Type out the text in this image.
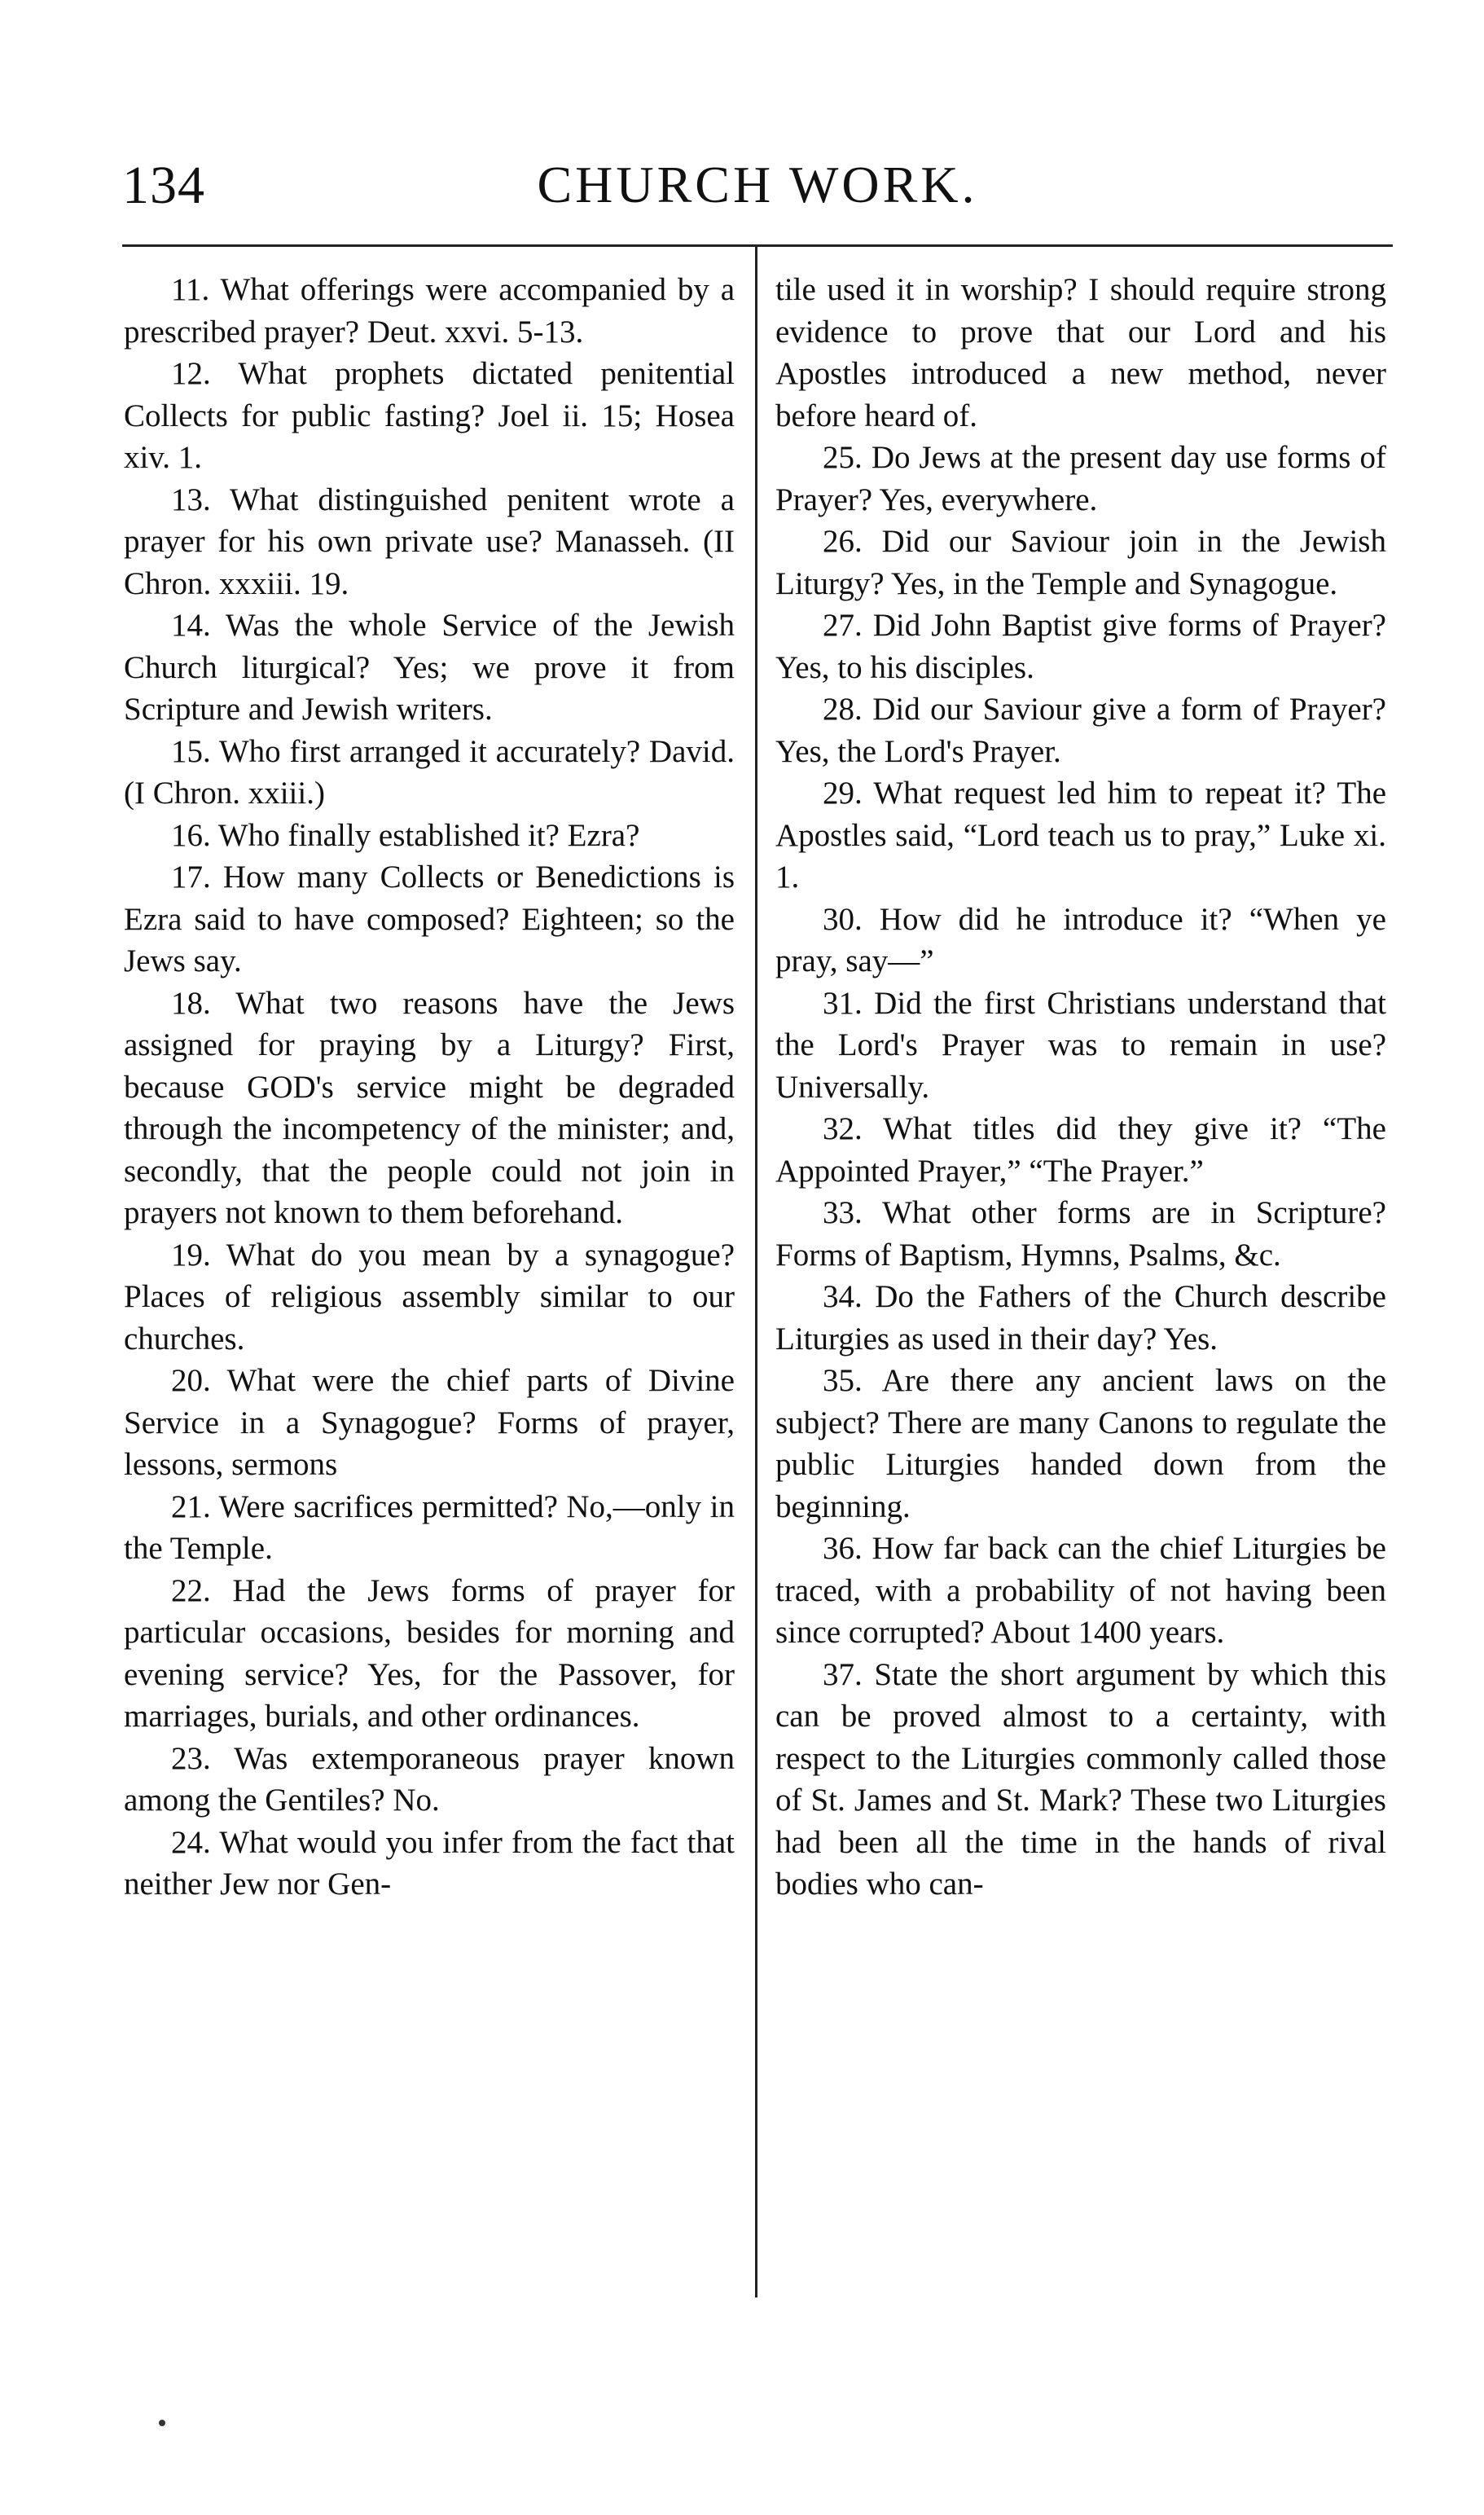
134	CHURCH WORK.

11. What offerings were accompanied by a prescribed prayer? Deut. xxvi. 5-13.

12. What prophets dictated penitential Collects for public fasting? Joel ii. 15; Hosea xiv. 1.

13. What distinguished penitent wrote a prayer for his own private use? Manasseh. (II Chron. xxxiii. 19.

14. Was the whole Service of the Jewish Church liturgical? Yes; we prove it from Scripture and Jewish writers.

15. Who first arranged it accurately? David. (I Chron. xxiii.)

16. Who finally established it? Ezra?

17. How many Collects or Benedictions is Ezra said to have composed? Eighteen; so the Jews say.

18. What two reasons have the Jews assigned for praying by a Liturgy? First, because GOD's service might be degraded through the incompetency of the minister; and, secondly, that the people could not join in prayers not known to them beforehand.

19. What do you mean by a synagogue? Places of religious assembly similar to our churches.

20. What were the chief parts of Divine Service in a Synagogue? Forms of prayer, lessons, sermons

21. Were sacrifices permitted? No,—only in the Temple.

22. Had the Jews forms of prayer for particular occasions, besides for morning and evening service? Yes, for the Passover, for marriages, burials, and other ordinances.

23. Was extemporaneous prayer known among the Gentiles? No.

24. What would you infer from the fact that neither Jew nor Gen-

tile used it in worship? I should require strong evidence to prove that our Lord and his Apostles introduced a new method, never before heard of.

25. Do Jews at the present day use forms of Prayer? Yes, everywhere.

26. Did our Saviour join in the Jewish Liturgy? Yes, in the Temple and Synagogue.

27. Did John Baptist give forms of Prayer? Yes, to his disciples.

28. Did our Saviour give a form of Prayer? Yes, the Lord's Prayer.

29. What request led him to repeat it? The Apostles said, “Lord teach us to pray,” Luke xi. 1.

30. How did he introduce it? “When ye pray, say—”

31. Did the first Christians understand that the Lord's Prayer was to remain in use? Universally.

32. What titles did they give it? “The Appointed Prayer,” “The Prayer.”

33. What other forms are in Scripture? Forms of Baptism, Hymns, Psalms, &c.

34. Do the Fathers of the Church describe Liturgies as used in their day? Yes.

35. Are there any ancient laws on the subject? There are many Canons to regulate the public Liturgies handed down from the beginning.

36. How far back can the chief Liturgies be traced, with a probability of not having been since corrupted? About 1400 years.

37. State the short argument by which this can be proved almost to a certainty, with respect to the Liturgies commonly called those of St. James and St. Mark? These two Liturgies had been all the time in the hands of rival bodies who can-
